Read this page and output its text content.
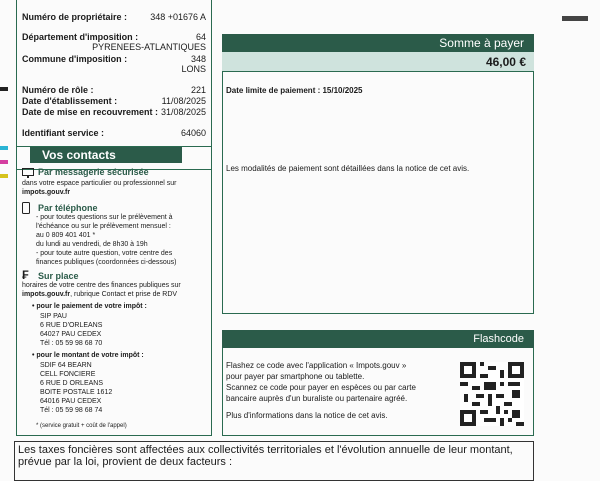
Numéro de propriétaire :	348 +01676 A
Département d'imposition :	64
PYRENEES-ATLANTIQUES
Commune d'imposition :	348
LONS
Numéro de rôle :	221
Date d'établissement :	11/08/2025
Date de mise en recouvrement : 31/08/2025
Identifiant service :	64060
Vos contacts
Par messagerie sécurisée
dans votre espace particulier ou professionnel sur
impots.gouv.fr
Par téléphone
- pour toutes questions sur le prélèvement à
l'échéance ou sur le prélèvement mensuel :
au 0 809 401 401 *
du lundi au vendredi, de 8h30 à 19h
- pour toute autre question, votre centre des
finances publiques (coordonnées ci-dessous)
₣ Sur place
horaires de votre centre des finances publiques sur
impots.gouv.fr, rubrique Contact et prise de RDV
• pour le paiement de votre impôt :
SIP PAU
6 RUE D'ORLEANS
64027 PAU CEDEX
Tél : 05 59 98 68 70
• pour le montant de votre impôt :
SDIF 64 BEARN
CELL FONCIERE
6 RUE D ORLEANS
BOITE POSTALE 1612
64016 PAU CEDEX
Tél : 05 59 98 68 74
* (service gratuit + coût de l'appel)
Somme à payer
46,00 €
Date limite de paiement : 15/10/2025
Les modalités de paiement sont détaillées dans la notice de cet avis.
Flashcode
Flashez ce code avec l'application « Impots.gouv »
pour payer par smartphone ou tablette.
Scannez ce code pour payer en espèces ou par carte
bancaire auprès d'un buraliste ou partenaire agréé.
Plus d'informations dans la notice de cet avis.
Les taxes foncières sont affectées aux collectivités territoriales et l'évolution annuelle de leur montant,
prévue par la loi, provient de deux facteurs :
